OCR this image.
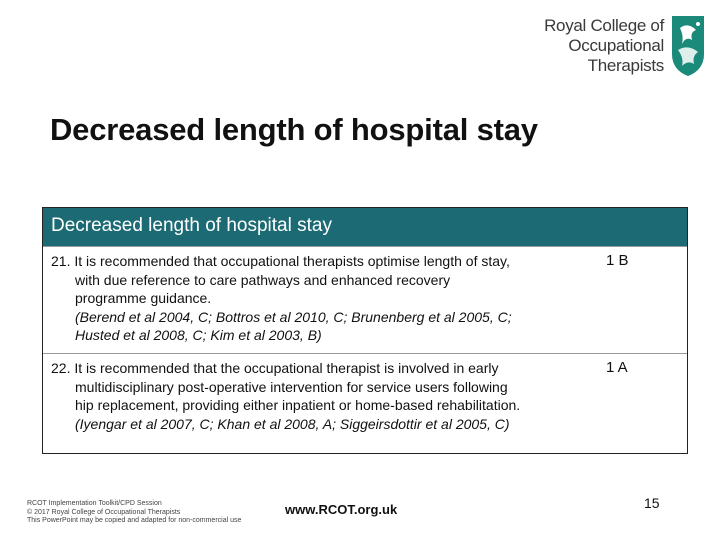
Royal College of
Occupational
Therapists
Decreased length of hospital stay
Decreased length of hospital stay
21. It is recommended that occupational therapists optimise length of stay,
with due reference to care pathways and enhanced recovery
programme guidance.
(Berend et al 2004, C; Bottros et al 2010, C; Brunenberg et al 2005, C;
Husted et al 2008, C; Kim et al 2003, B)
1 B
22. It is recommended that the occupational therapist is involved in early
multidisciplinary post-operative intervention for service users following
hip replacement, providing either inpatient or home-based rehabilitation.
(Iyengar et al 2007, C; Khan et al 2008, A; Siggeirsdottir et al 2005, C)
1 A
RCOT Implementation Toolkit/CPD Session
© 2017 Royal College of Occupational Therapists
This PowerPoint may be copied and adapted for non-commercial use
www.RCOT.org.uk	15
